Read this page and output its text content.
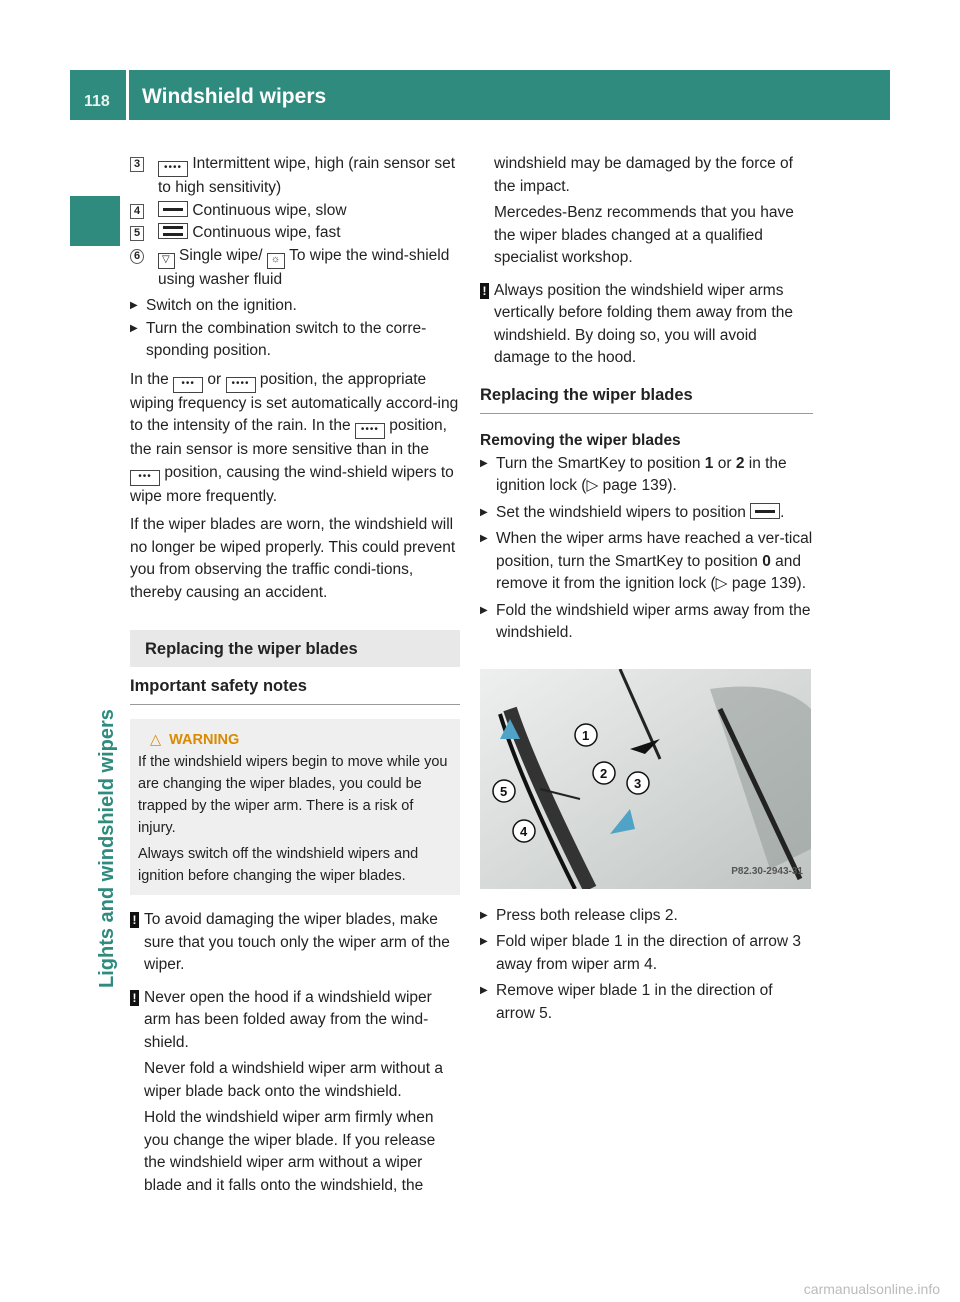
118 Windshield wipers
Lights and windshield wipers
3	•••• Intermittent wipe, high (rain sensor set to high sensitivity)
4	Continuous wipe, slow
5	Continuous wipe, fast
6	▽ Single wipe/ ☼ To wipe the wind-shield using washer fluid
▶ Switch on the ignition.
▶ Turn the combination switch to the corre-sponding position.

In the ••• or •••• position, the appropriate wiping frequency is set automatically accord-ing to the intensity of the rain. In the •••• position, the rain sensor is more sensitive than in the ••• position, causing the wind-shield wipers to wipe more frequently.

If the wiper blades are worn, the windshield will no longer be wiped properly. This could prevent you from observing the traffic condi-tions, thereby causing an accident.

Replacing the wiper blades
Important safety notes
△ WARNING

If the windshield wipers begin to move while you are changing the wiper blades, you could be trapped by the wiper arm. There is a risk of injury.

Always switch off the windshield wipers and ignition before changing the wiper blades.

! To avoid damaging the wiper blades, make sure that you touch only the wiper arm of the wiper.

! Never open the hood if a windshield wiper arm has been folded away from the wind-shield.

Never fold a windshield wiper arm without a wiper blade back onto the windshield.

Hold the windshield wiper arm firmly when you change the wiper blade. If you release the windshield wiper arm without a wiper blade and it falls onto the windshield, the

windshield may be damaged by the force of the impact.

Mercedes-Benz recommends that you have the wiper blades changed at a qualified specialist workshop.

! Always position the windshield wiper arms vertically before folding them away from the windshield. By doing so, you will avoid damage to the hood.

Replacing the wiper blades
Removing the wiper blades
▶ Turn the SmartKey to position 1 or 2 in the ignition lock (▷ page 139).
▶ Set the windshield wipers to position .
▶ When the wiper arms have reached a ver-tical position, turn the SmartKey to position 0 and remove it from the ignition lock (▷ page 139).
▶ Fold the windshield wiper arms away from the windshield.
1
2
3
4
5
P82.30-2943-31
▶ Press both release clips 2.
▶ Fold wiper blade 1 in the direction of arrow 3 away from wiper arm 4.
▶ Remove wiper blade 1 in the direction of arrow 5.
carmanualsonline.info
